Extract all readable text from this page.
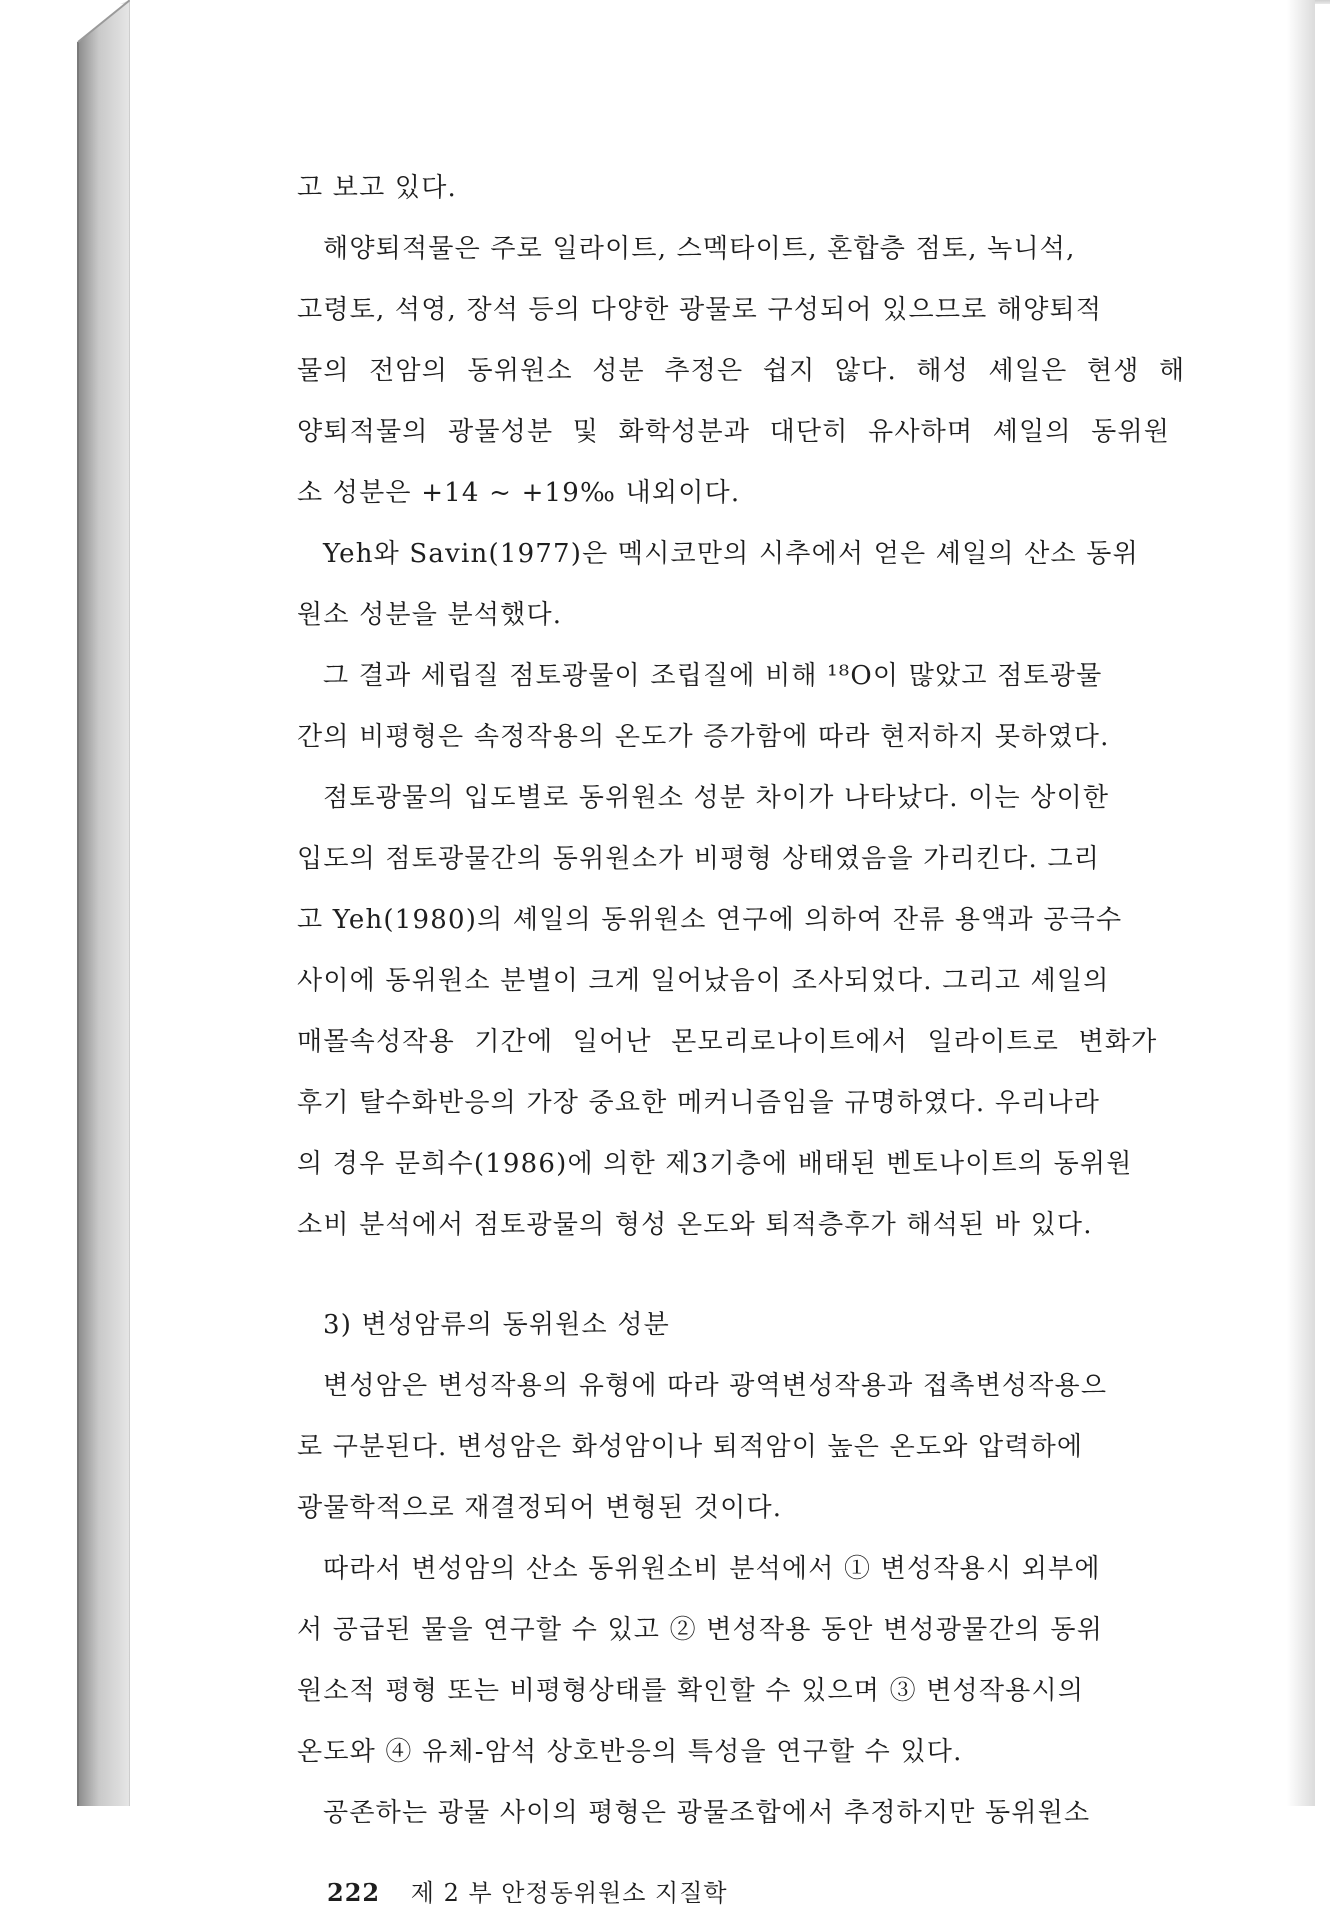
고 보고 있다.
해양퇴적물은 주로 일라이트, 스멕타이트, 혼합층 점토, 녹니석,
고령토, 석영, 장석 등의 다양한 광물로 구성되어 있으므로 해양퇴적
물의 전암의 동위원소 성분 추정은 쉽지 않다. 해성 셰일은 현생 해
양퇴적물의 광물성분 및 화학성분과 대단히 유사하며 셰일의 동위원
소 성분은 +14 ~ +19‰ 내외이다.
Yeh와 Savin(1977)은 멕시코만의 시추에서 얻은 셰일의 산소 동위
원소 성분을 분석했다.
그 결과 세립질 점토광물이 조립질에 비해 ¹⁸O이 많았고 점토광물
간의 비평형은 속정작용의 온도가 증가함에 따라 현저하지 못하였다.
점토광물의 입도별로 동위원소 성분 차이가 나타났다. 이는 상이한
입도의 점토광물간의 동위원소가 비평형 상태였음을 가리킨다. 그리
고 Yeh(1980)의 셰일의 동위원소 연구에 의하여 잔류 용액과 공극수
사이에 동위원소 분별이 크게 일어났음이 조사되었다. 그리고 셰일의
매몰속성작용 기간에 일어난 몬모리로나이트에서 일라이트로 변화가
후기 탈수화반응의 가장 중요한 메커니즘임을 규명하였다. 우리나라
의 경우 문희수(1986)에 의한 제3기층에 배태된 벤토나이트의 동위원
소비 분석에서 점토광물의 형성 온도와 퇴적층후가 해석된 바 있다.
3) 변성암류의 동위원소 성분
변성암은 변성작용의 유형에 따라 광역변성작용과 접촉변성작용으
로 구분된다. 변성암은 화성암이나 퇴적암이 높은 온도와 압력하에
광물학적으로 재결정되어 변형된 것이다.
따라서 변성암의 산소 동위원소비 분석에서 ① 변성작용시 외부에
서 공급된 물을 연구할 수 있고 ② 변성작용 동안 변성광물간의 동위
원소적 평형 또는 비평형상태를 확인할 수 있으며 ③ 변성작용시의
온도와 ④ 유체-암석 상호반응의 특성을 연구할 수 있다.
공존하는 광물 사이의 평형은 광물조합에서 추정하지만 동위원소
222 제 2 부 안정동위원소 지질학
